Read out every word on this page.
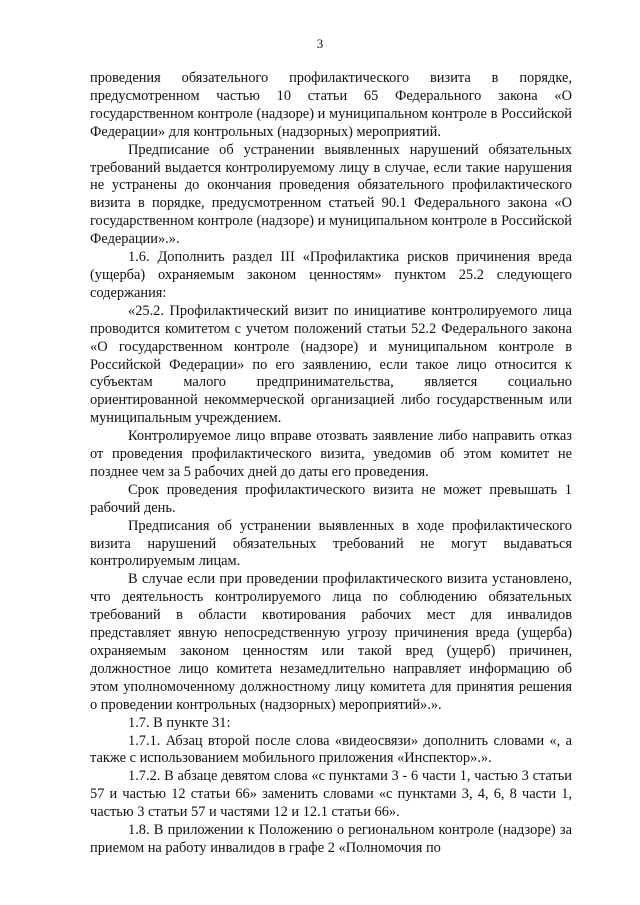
3

проведения обязательного профилактического визита в порядке, предусмотренном частью 10 статьи 65 Федерального закона «О государственном контроле (надзоре) и муниципальном контроле в Российской Федерации» для контрольных (надзорных) мероприятий.

Предписание об устранении выявленных нарушений обязательных требований выдается контролируемому лицу в случае, если такие нарушения не устранены до окончания проведения обязательного профилактического визита в порядке, предусмотренном статьей 90.1 Федерального закона «О государственном контроле (надзоре) и муниципальном контроле в Российской Федерации».».

1.6. Дополнить раздел III «Профилактика рисков причинения вреда (ущерба) охраняемым законом ценностям» пунктом 25.2 следующего содержания:

«25.2. Профилактический визит по инициативе контролируемого лица проводится комитетом с учетом положений статьи 52.2 Федерального закона «О государственном контроле (надзоре) и муниципальном контроле в Российской Федерации» по его заявлению, если такое лицо относится к субъектам малого предпринимательства, является социально ориентированной некоммерческой организацией либо государственным или муниципальным учреждением.

Контролируемое лицо вправе отозвать заявление либо направить отказ от проведения профилактического визита, уведомив об этом комитет не позднее чем за 5 рабочих дней до даты его проведения.

Срок проведения профилактического визита не может превышать 1 рабочий день.

Предписания об устранении выявленных в ходе профилактического визита нарушений обязательных требований не могут выдаваться контролируемым лицам.

В случае если при проведении профилактического визита установлено, что деятельность контролируемого лица по соблюдению обязательных требований в области квотирования рабочих мест для инвалидов представляет явную непосредственную угрозу причинения вреда (ущерба) охраняемым законом ценностям или такой вред (ущерб) причинен, должностное лицо комитета незамедлительно направляет информацию об этом уполномоченному должностному лицу комитета для принятия решения о проведении контрольных (надзорных) мероприятий».».

1.7. В пункте 31:

1.7.1. Абзац второй после слова «видеосвязи» дополнить словами «, а также с использованием мобильного приложения «Инспектор».».

1.7.2. В абзаце девятом слова «с пунктами 3 - 6 части 1, частью 3 статьи 57 и частью 12 статьи 66» заменить словами «с пунктами 3, 4, 6, 8 части 1, частью 3 статьи 57 и частями 12 и 12.1 статьи 66».

1.8. В приложении к Положению о региональном контроле (надзоре) за приемом на работу инвалидов в графе 2 «Полномочия по
